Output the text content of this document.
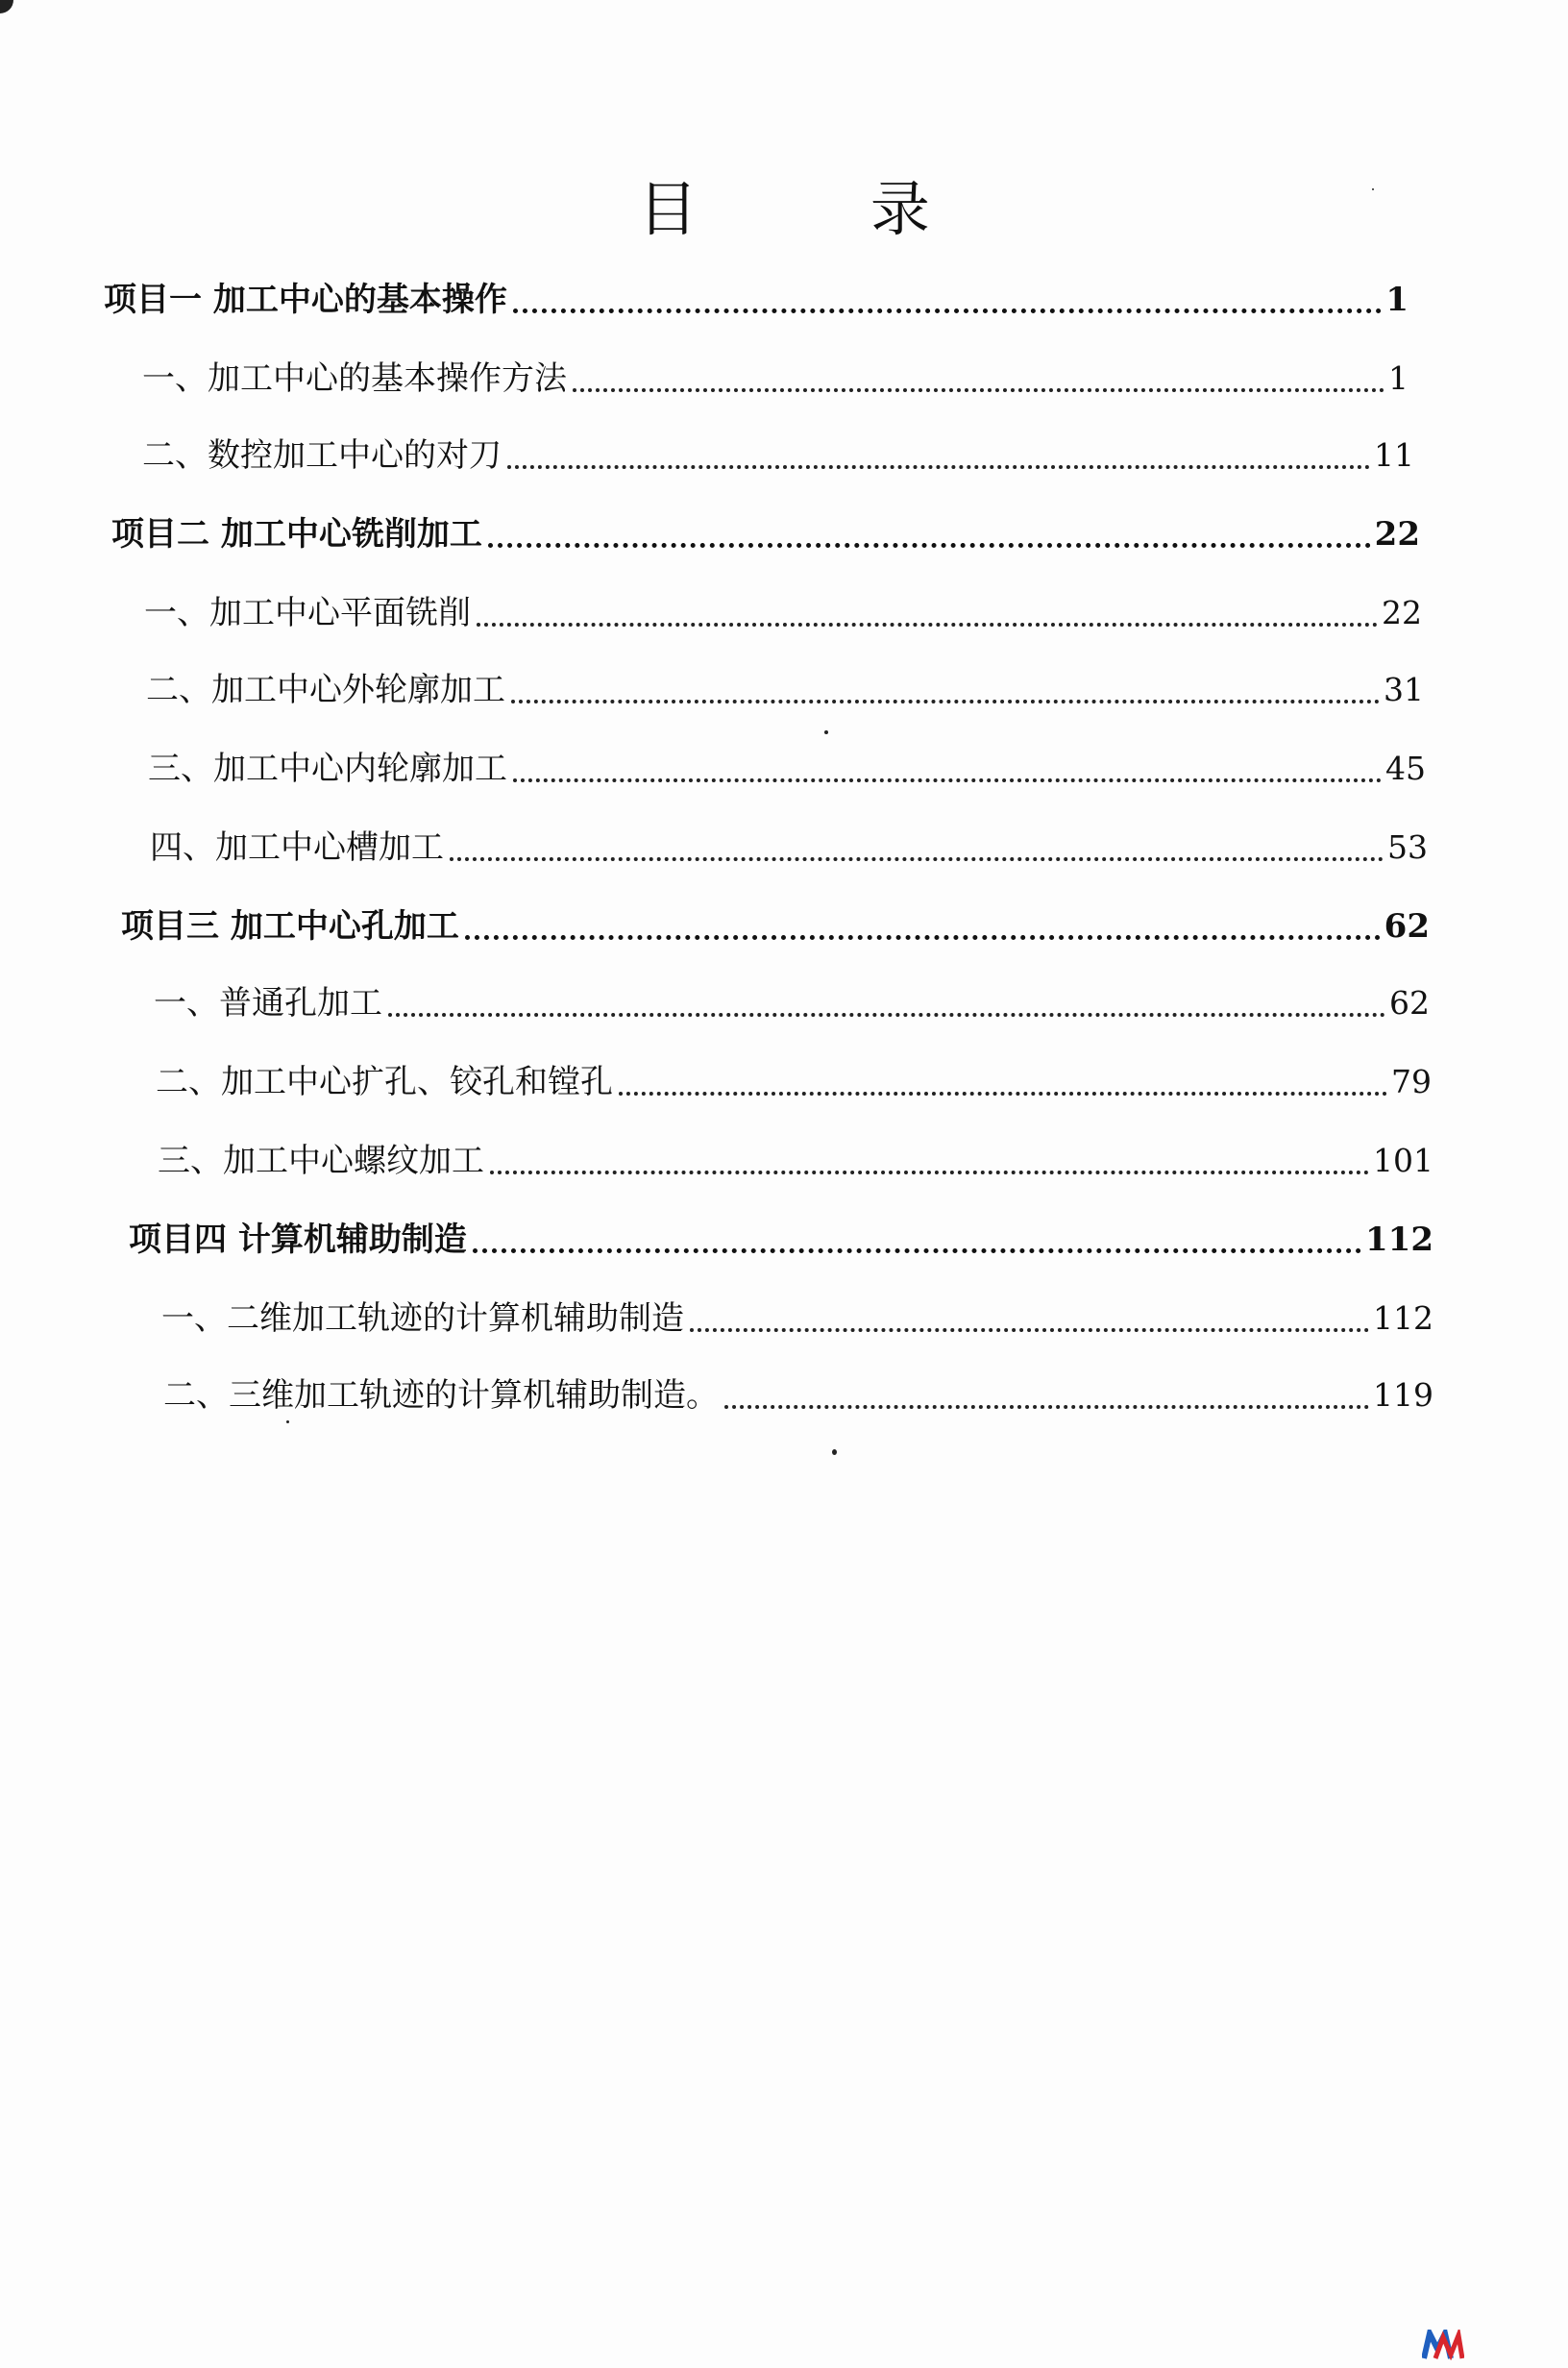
目	录
项目一 加工中心的基本操作	1
一、加工中心的基本操作方法	1
二、数控加工中心的对刀	11
项目二 加工中心铣削加工	22
一、加工中心平面铣削	22
二、加工中心外轮廓加工	31
三、加工中心内轮廓加工	45
四、加工中心槽加工	53
项目三 加工中心孔加工	62
一、普通孔加工	62
二、加工中心扩孔、铰孔和镗孔	79
三、加工中心螺纹加工	101
项目四 计算机辅助制造	112
一、二维加工轨迹的计算机辅助制造	112
二、三维加工轨迹的计算机辅助制造。	119
